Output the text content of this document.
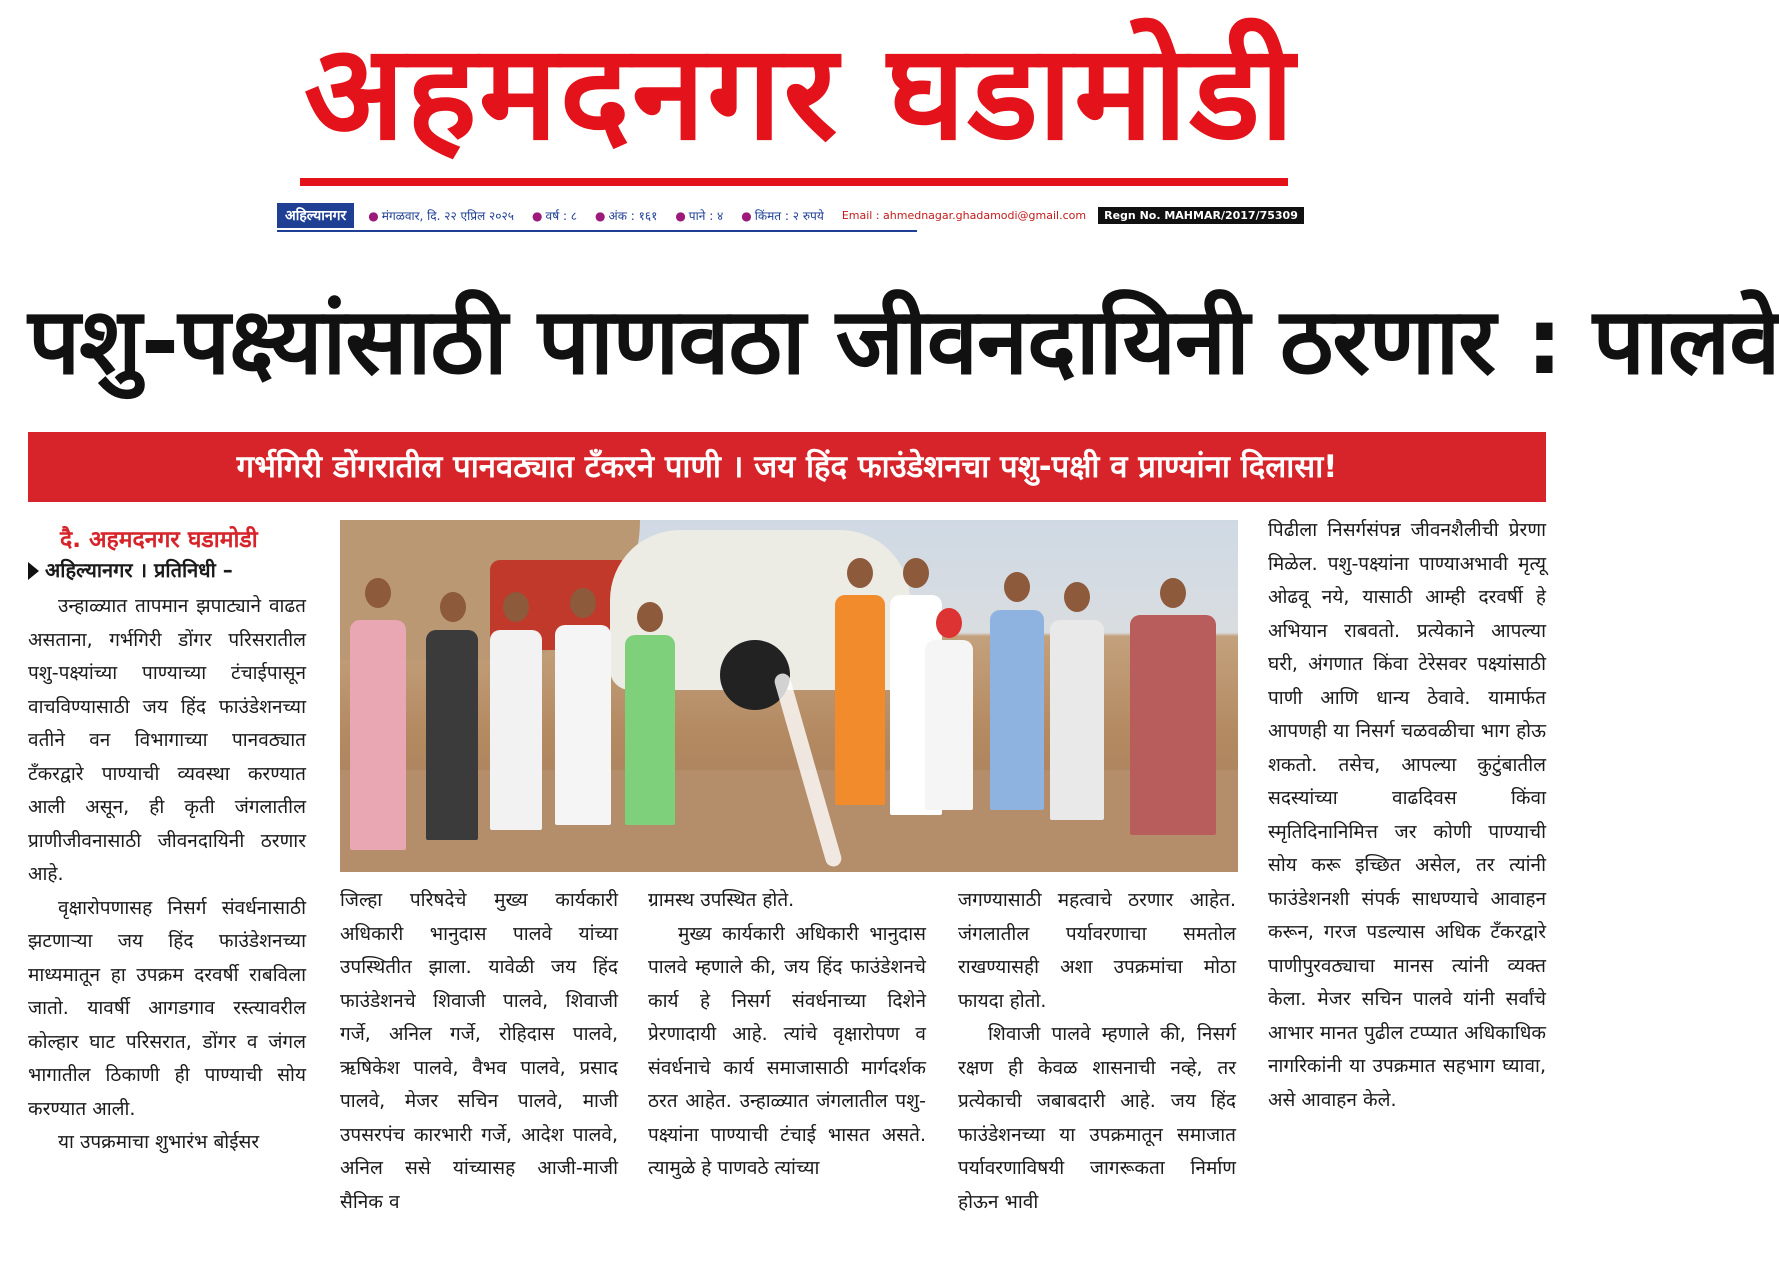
अहमदनगर घडामोडी
अहिल्यानगर	● मंगळवार, दि. २२ एप्रिल २०२५ ● वर्ष : ८ ● अंक : १६१ ● पाने : ४ ● किंमत : २ रुपये Email : ahmednagar.ghadamodi@gmail.com	Regn No. MAHMAR/2017/75309
पशु-पक्ष्यांसाठी पाणवठा जीवनदायिनी ठरणार : पालवे
गर्भगिरी डोंगरातील पानवठ्यात टँकरने पाणी । जय हिंद फाउंडेशनचा पशु-पक्षी व प्राण्यांना दिलासा!
दै. अहमदनगर घडामोडी
अहिल्यानगर । प्रतिनिधी –

उन्हाळ्यात तापमान झपाट्याने वाढत असताना, गर्भगिरी डोंगर परिसरातील पशु-पक्ष्यांच्या पाण्याच्या टंचाईपासून वाचविण्यासाठी जय हिंद फाउंडेशनच्या वतीने वन विभागाच्या पानवठ्यात टँकरद्वारे पाण्याची व्यवस्था करण्यात आली असून, ही कृती जंगलातील प्राणीजीवनासाठी जीवनदायिनी ठरणार आहे.

वृक्षारोपणासह निसर्ग संवर्धनासाठी झटणाऱ्या जय हिंद फाउंडेशनच्या माध्यमातून हा उपक्रम दरवर्षी राबविला जातो. यावर्षी आगडगाव रस्त्यावरील कोल्हार घाट परिसरात, डोंगर व जंगल भागातील ठिकाणी ही पाण्याची सोय करण्यात आली.

या उपक्रमाचा शुभारंभ बोईसर

जिल्हा परिषदेचे मुख्य कार्यकारी अधिकारी भानुदास पालवे यांच्या उपस्थितीत झाला. यावेळी जय हिंद फाउंडेशनचे शिवाजी पालवे, शिवाजी गर्जे, अनिल गर्जे, रोहिदास पालवे, ऋषिकेश पालवे, वैभव पालवे, प्रसाद पालवे, मेजर सचिन पालवे, माजी उपसरपंच कारभारी गर्जे, आदेश पालवे, अनिल ससे यांच्यासह आजी-माजी सैनिक व

ग्रामस्थ उपस्थित होते.

मुख्य कार्यकारी अधिकारी भानुदास पालवे म्हणाले की, जय हिंद फाउंडेशनचे कार्य हे निसर्ग संवर्धनाच्या दिशेने प्रेरणादायी आहे. त्यांचे वृक्षारोपण व संवर्धनाचे कार्य समाजासाठी मार्गदर्शक ठरत आहेत. उन्हाळ्यात जंगलातील पशु-पक्ष्यांना पाण्याची टंचाई भासत असते. त्यामुळे हे पाणवठे त्यांच्या

जगण्यासाठी महत्वाचे ठरणार आहेत. जंगलातील पर्यावरणाचा समतोल राखण्यासही अशा उपक्रमांचा मोठा फायदा होतो.

शिवाजी पालवे म्हणाले की, निसर्ग रक्षण ही केवळ शासनाची नव्हे, तर प्रत्येकाची जबाबदारी आहे. जय हिंद फाउंडेशनच्या या उपक्रमातून समाजात पर्यावरणाविषयी जागरूकता निर्माण होऊन भावी

पिढीला निसर्गसंपन्न जीवनशैलीची प्रेरणा मिळेल. पशु-पक्ष्यांना पाण्याअभावी मृत्यू ओढवू नये, यासाठी आम्ही दरवर्षी हे अभियान राबवतो. प्रत्येकाने आपल्या घरी, अंगणात किंवा टेरेसवर पक्ष्यांसाठी पाणी आणि धान्य ठेवावे. यामार्फत आपणही या निसर्ग चळवळीचा भाग होऊ शकतो. तसेच, आपल्या कुटुंबातील सदस्यांच्या वाढदिवस किंवा स्मृतिदिनानिमित्त जर कोणी पाण्याची सोय करू इच्छित असेल, तर त्यांनी फाउंडेशनशी संपर्क साधण्याचे आवाहन करून, गरज पडल्यास अधिक टँकरद्वारे पाणीपुरवठ्याचा मानस त्यांनी व्यक्त केला. मेजर सचिन पालवे यांनी सर्वांचे आभार मानत पुढील टप्प्यात अधिकाधिक नागरिकांनी या उपक्रमात सहभाग घ्यावा, असे आवाहन केले.
